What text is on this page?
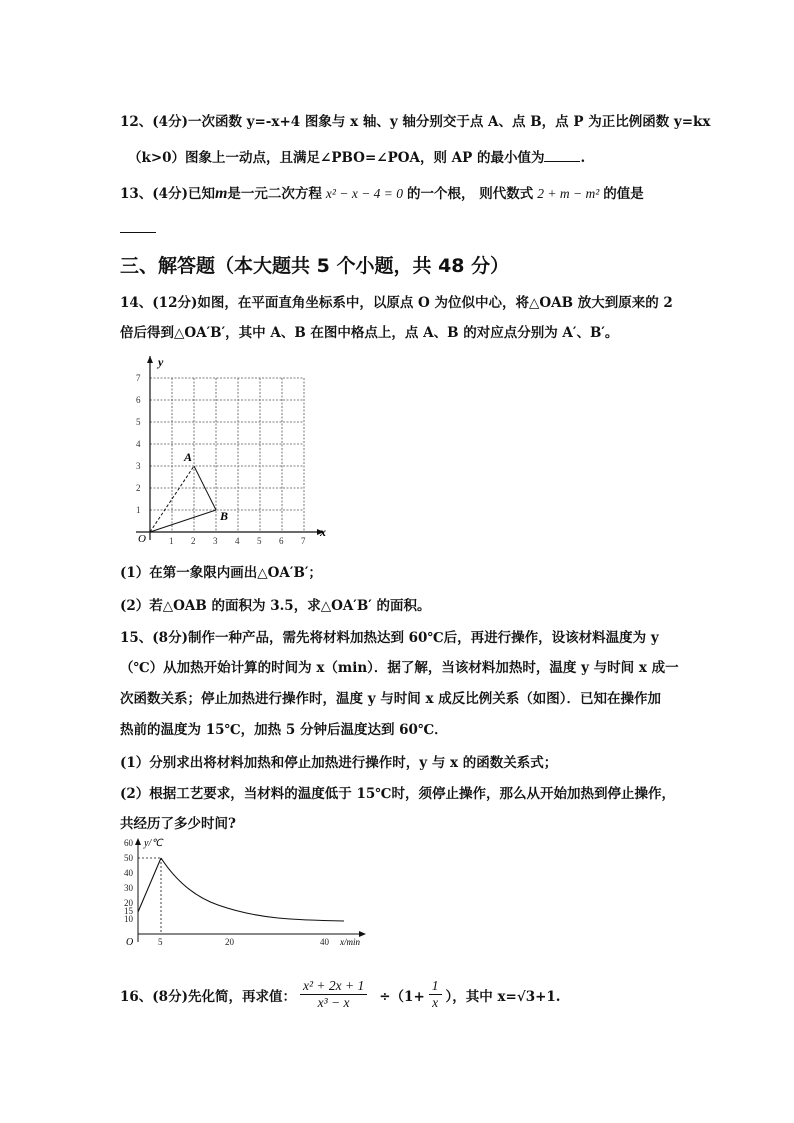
12、(4分)一次函数 y=-x+4 图象与 x 轴、y 轴分别交于点 A、点 B，点 P 为正比例函数 y=kx
（k>0）图象上一动点，且满足∠PBO=∠POA，则 AP 的最小值为	.
13、(4分)已知m是一元二次方程 x² − x − 4 = 0 的一个根， 则代数式 2 + m − m² 的值是
三、解答题（本大题共 5 个小题，共 48 分）
14、(12分)如图，在平面直角坐标系中，以原点 O 为位似中心，将△OAB 放大到原来的 2
倍后得到△OA′B′，其中 A、B 在图中格点上，点 A、B 的对应点分别为 A′、B′。
y
x
O	1 2 3 4 5 6 7
1
2
3
4
5
6
7
A
B
(1）在第一象限内画出△OA′B′；
(2）若△OAB 的面积为 3.5，求△OA′B′ 的面积。
15、(8分)制作一种产品，需先将材料加热达到 60℃后，再进行操作，设该材料温度为 y
（℃）从加热开始计算的时间为 x（min）．据了解，当该材料加热时，温度 y 与时间 x 成一
次函数关系；停止加热进行操作时，温度 y 与时间 x 成反比例关系（如图）．已知在操作加
热前的温度为 15℃，加热 5 分钟后温度达到 60℃．
(1）分别求出将材料加热和停止加热进行操作时，y 与 x 的函数关系式；
(2）根据工艺要求，当材料的温度低于 15℃时，须停止操作，那么从开始加热到停止操作，
共经历了多少时间?
y/℃
x/min
O
10
15
20
30
40
50
60
5	20	40
16、(8分)先化简，再求值： $\frac{\text{x² + 2x + 1}}{\text{x³ − x}} \div(1+ \frac{1}{x}$ ），其中 x=√3+1.
